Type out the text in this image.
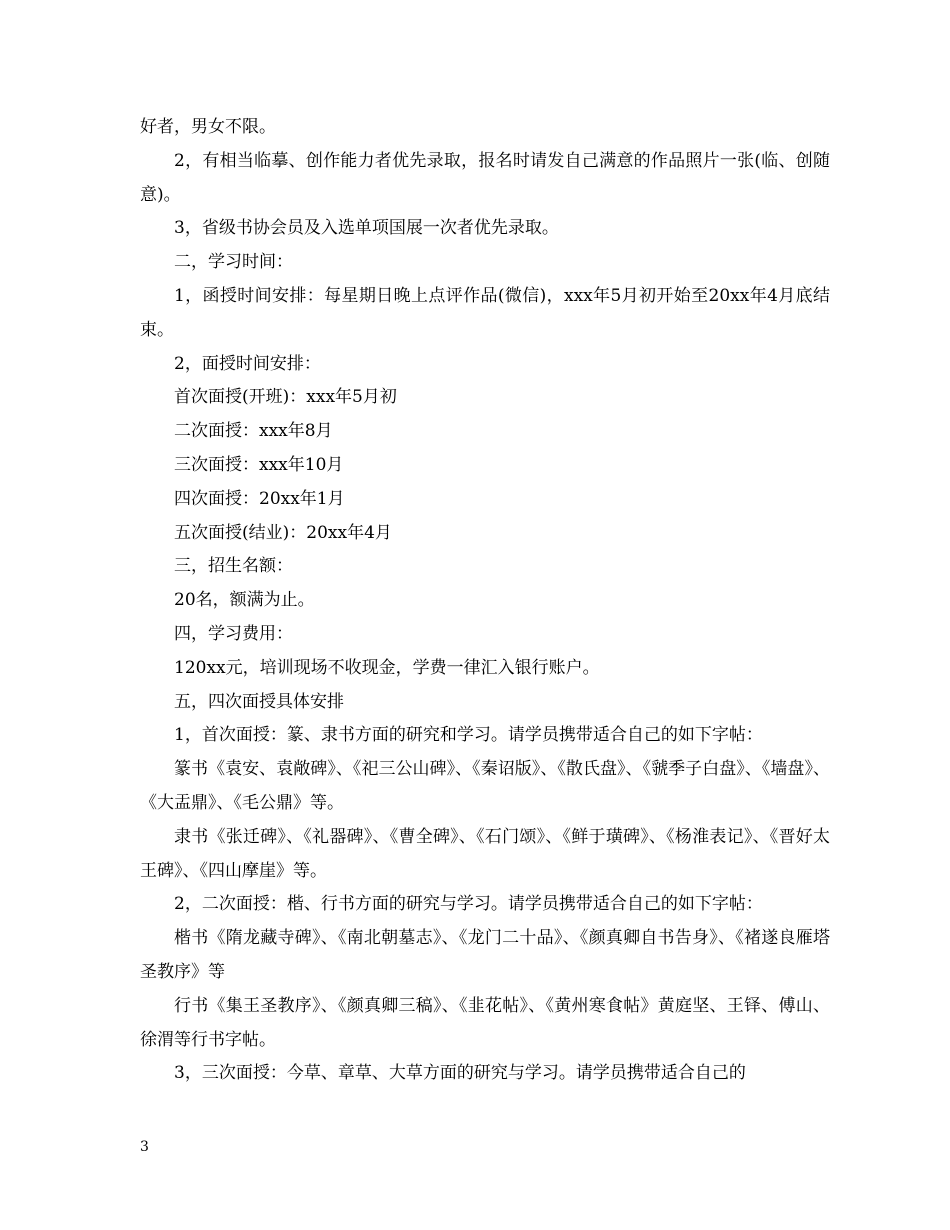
好者，男女不限。

2，有相当临摹、创作能力者优先录取，报名时请发自己满意的作品照片一张(临、创随意)。

3，省级书协会员及入选单项国展一次者优先录取。

二，学习时间：

1，函授时间安排：每星期日晚上点评作品(微信)，xxx年5月初开始至20xx年4月底结束。

2，面授时间安排：

首次面授(开班)：xxx年5月初

二次面授：xxx年8月

三次面授：xxx年10月

四次面授：20xx年1月

五次面授(结业)：20xx年4月

三，招生名额：

20名，额满为止。

四，学习费用：

120xx元，培训现场不收现金，学费一律汇入银行账户。

五，四次面授具体安排

1，首次面授：篆、隶书方面的研究和学习。请学员携带适合自己的如下字帖：

篆书《袁安、袁敞碑》、《祀三公山碑》、《秦诏版》、《散氏盘》、《虢季子白盘》、《墙盘》、《大盂鼎》、《毛公鼎》等。

隶书《张迁碑》、《礼器碑》、《曹全碑》、《石门颂》、《鲜于璜碑》、《杨淮表记》、《晋好太王碑》、《四山摩崖》等。

2，二次面授：楷、行书方面的研究与学习。请学员携带适合自己的如下字帖：

楷书《隋龙藏寺碑》、《南北朝墓志》、《龙门二十品》、《颜真卿自书告身》、《褚遂良雁塔圣教序》等

行书《集王圣教序》、《颜真卿三稿》、《韭花帖》、《黄州寒食帖》黄庭坚、王铎、傅山、徐渭等行书字帖。

3，三次面授：今草、章草、大草方面的研究与学习。请学员携带适合自己的

3
